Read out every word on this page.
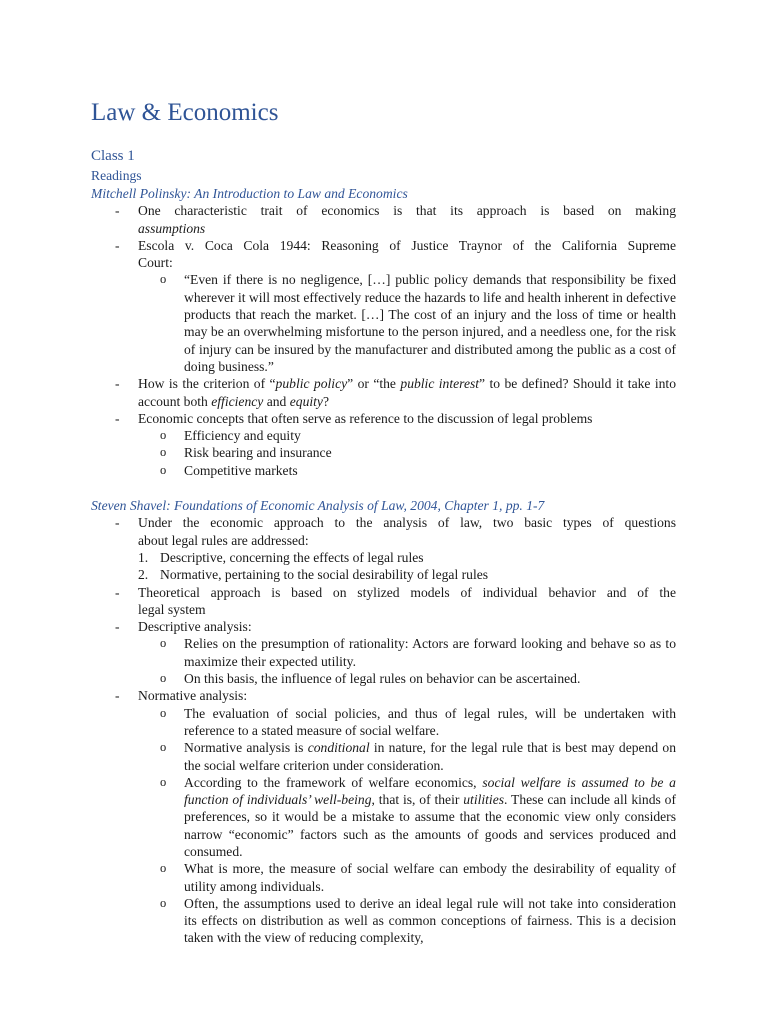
Law & Economics
Class 1
Readings
Mitchell Polinsky: An Introduction to Law and Economics
- One characteristic trait of economics is that its approach is based on making
assumptions
- Escola v. Coca Cola 1944: Reasoning of Justice Traynor of the California Supreme
Court:
o “Even if there is no negligence, […] public policy demands that responsibility be fixed wherever it will most effectively reduce the hazards to life and health inherent in defective products that reach the market. […] The cost of an injury and the loss of time or health may be an overwhelming misfortune to the person injured, and a needless one, for the risk of injury can be insured by the manufacturer and distributed among the public as a cost of doing business.”
- How is the criterion of “public policy” or “the public interest” to be defined? Should it take into account both efficiency and equity?
- Economic concepts that often serve as reference to the discussion of legal problems
o Efficiency and equity
o Risk bearing and insurance
o Competitive markets
Steven Shavel: Foundations of Economic Analysis of Law, 2004, Chapter 1, pp. 1-7
- Under the economic approach to the analysis of law, two basic types of questions
about legal rules are addressed:
1. Descriptive, concerning the effects of legal rules
2. Normative, pertaining to the social desirability of legal rules
- Theoretical approach is based on stylized models of individual behavior and of the
legal system
- Descriptive analysis:
o Relies on the presumption of rationality: Actors are forward looking and behave so as to maximize their expected utility.
o On this basis, the influence of legal rules on behavior can be ascertained.
- Normative analysis:
o The evaluation of social policies, and thus of legal rules, will be undertaken with reference to a stated measure of social welfare.
o Normative analysis is conditional in nature, for the legal rule that is best may depend on the social welfare criterion under consideration.
o According to the framework of welfare economics, social welfare is assumed to be a function of individuals’ well-being, that is, of their utilities. These can include all kinds of preferences, so it would be a mistake to assume that the economic view only considers narrow “economic” factors such as the amounts of goods and services produced and consumed.
o What is more, the measure of social welfare can embody the desirability of equality of utility among individuals.
o Often, the assumptions used to derive an ideal legal rule will not take into consideration its effects on distribution as well as common conceptions of fairness. This is a decision taken with the view of reducing complexity,
